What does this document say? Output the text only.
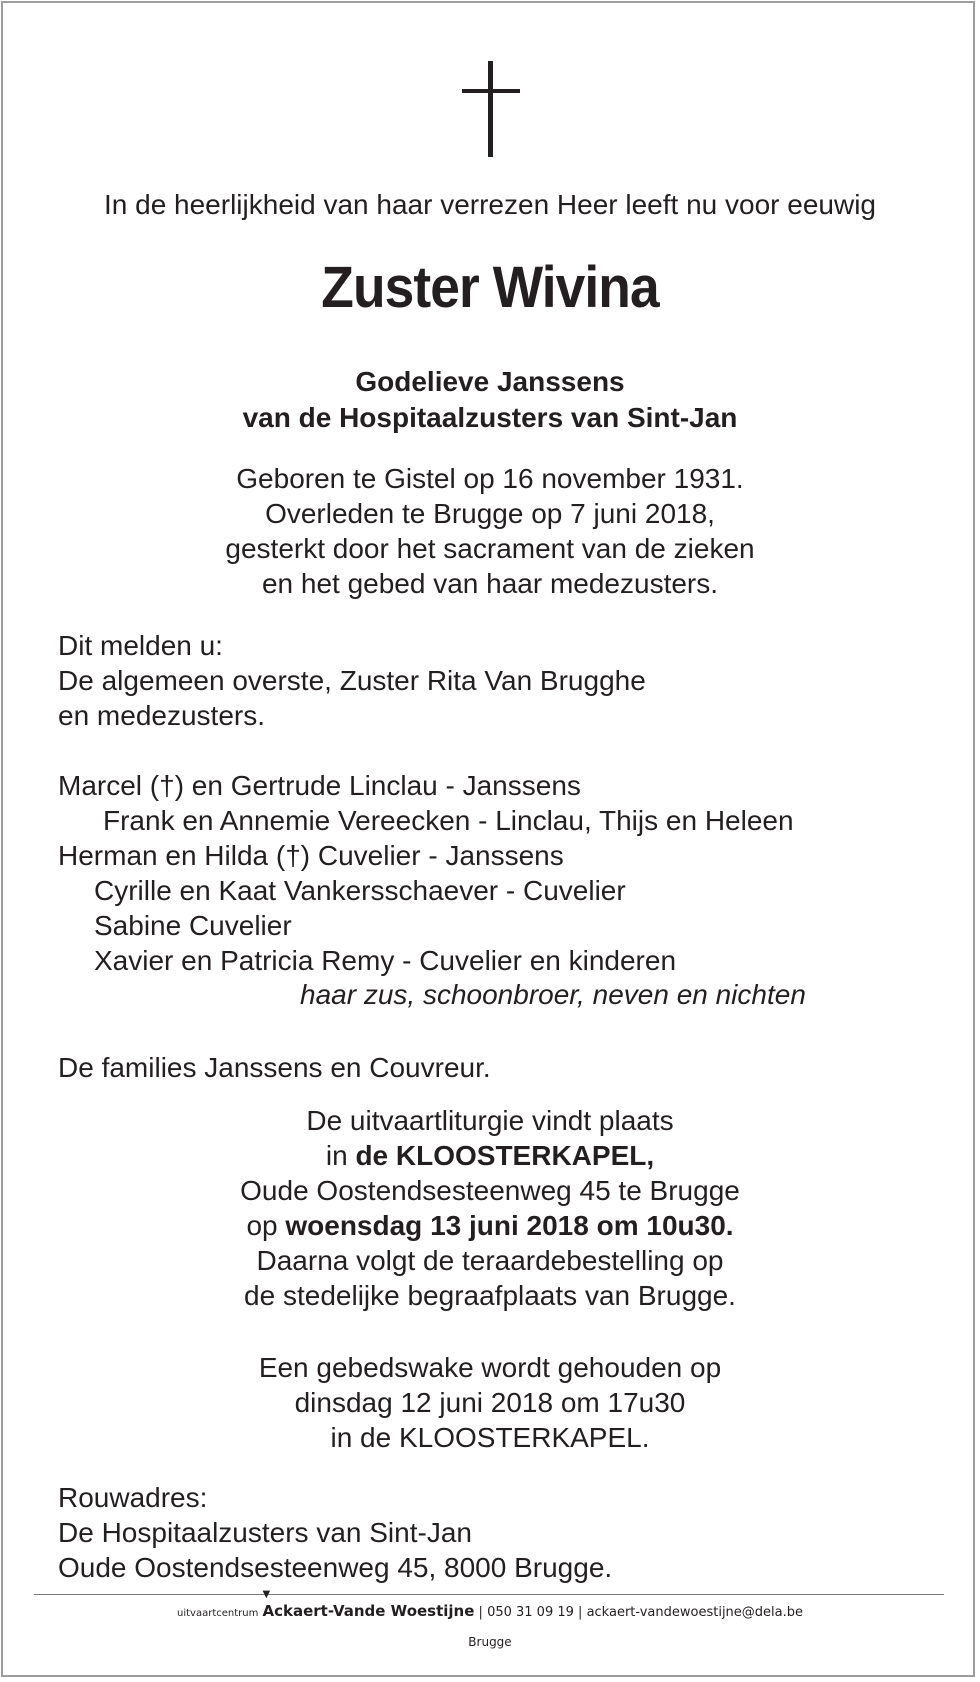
In de heerlijkheid van haar verrezen Heer leeft nu voor eeuwig
Zuster Wivina
Godelieve Janssens
van de Hospitaalzusters van Sint-Jan
Geboren te Gistel op 16 november 1931.
Overleden te Brugge op 7 juni 2018,
gesterkt door het sacrament van de zieken
en het gebed van haar medezusters.
Dit melden u:
De algemeen overste, Zuster Rita Van Brugghe
en medezusters.
Marcel (†) en Gertrude Linclau - Janssens
Frank en Annemie Vereecken - Linclau, Thijs en Heleen
Herman en Hilda (†) Cuvelier - Janssens
Cyrille en Kaat Vankersschaever - Cuvelier
Sabine Cuvelier
Xavier en Patricia Remy - Cuvelier en kinderen
haar zus, schoonbroer, neven en nichten
De families Janssens en Couvreur.
De uitvaartliturgie vindt plaats
in de KLOOSTERKAPEL,
Oude Oostendsesteenweg 45 te Brugge
op woensdag 13 juni 2018 om 10u30.
Daarna volgt de teraardebestelling op
de stedelijke begraafplaats van Brugge.
Een gebedswake wordt gehouden op
dinsdag 12 juni 2018 om 17u30
in de KLOOSTERKAPEL.
Rouwadres:
De Hospitaalzusters van Sint-Jan
Oude Oostendsesteenweg 45, 8000 Brugge.
uitvaartcentrum
▼
Ackaert-Vande Woestijne | 050 31 09 19 | ackaert-vandewoestijne@dela.be
Brugge
